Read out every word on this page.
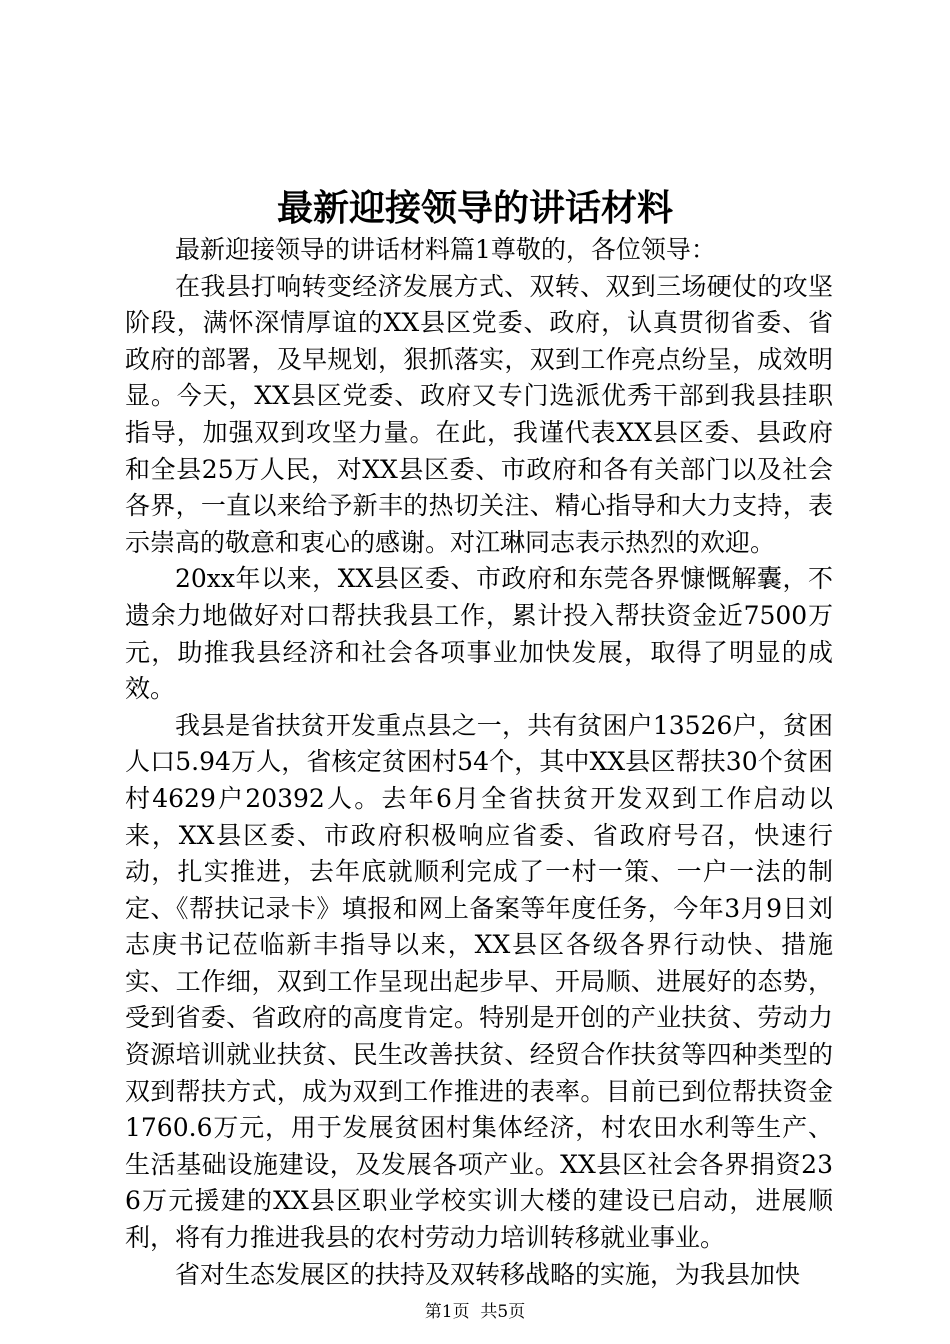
最新迎接领导的讲话材料

最新迎接领导的讲话材料篇1尊敬的，各位领导：

在我县打响转变经济发展方式、双转、双到三场硬仗的攻坚阶段，满怀深情厚谊的XX县区党委、政府，认真贯彻省委、省政府的部署，及早规划，狠抓落实，双到工作亮点纷呈，成效明显。今天，XX县区党委、政府又专门选派优秀干部到我县挂职指导，加强双到攻坚力量。在此，我谨代表XX县区委、县政府和全县25万人民，对XX县区委、市政府和各有关部门以及社会各界，一直以来给予新丰的热切关注、精心指导和大力支持，表示崇高的敬意和衷心的感谢。对江琳同志表示热烈的欢迎。

20xx年以来，XX县区委、市政府和东莞各界慷慨解囊，不遗余力地做好对口帮扶我县工作，累计投入帮扶资金近7500万元，助推我县经济和社会各项事业加快发展，取得了明显的成效。

我县是省扶贫开发重点县之一，共有贫困户13526户，贫困人口5.94万人，省核定贫困村54个，其中XX县区帮扶30个贫困村4629户20392人。去年6月全省扶贫开发双到工作启动以来，XX县区委、市政府积极响应省委、省政府号召，快速行动，扎实推进，去年底就顺利完成了一村一策、一户一法的制定、《帮扶记录卡》填报和网上备案等年度任务，今年3月9日刘志庚书记莅临新丰指导以来，XX县区各级各界行动快、措施实、工作细，双到工作呈现出起步早、开局顺、进展好的态势，受到省委、省政府的高度肯定。特别是开创的产业扶贫、劳动力资源培训就业扶贫、民生改善扶贫、经贸合作扶贫等四种类型的双到帮扶方式，成为双到工作推进的表率。目前已到位帮扶资金1760.6万元，用于发展贫困村集体经济，村农田水利等生产、生活基础设施建设，及发展各项产业。XX县区社会各界捐资236万元援建的XX县区职业学校实训大楼的建设已启动，进展顺利，将有力推进我县的农村劳动力培训转移就业事业。

省对生态发展区的扶持及双转移战略的实施，为我县加快

第1页 共5页
